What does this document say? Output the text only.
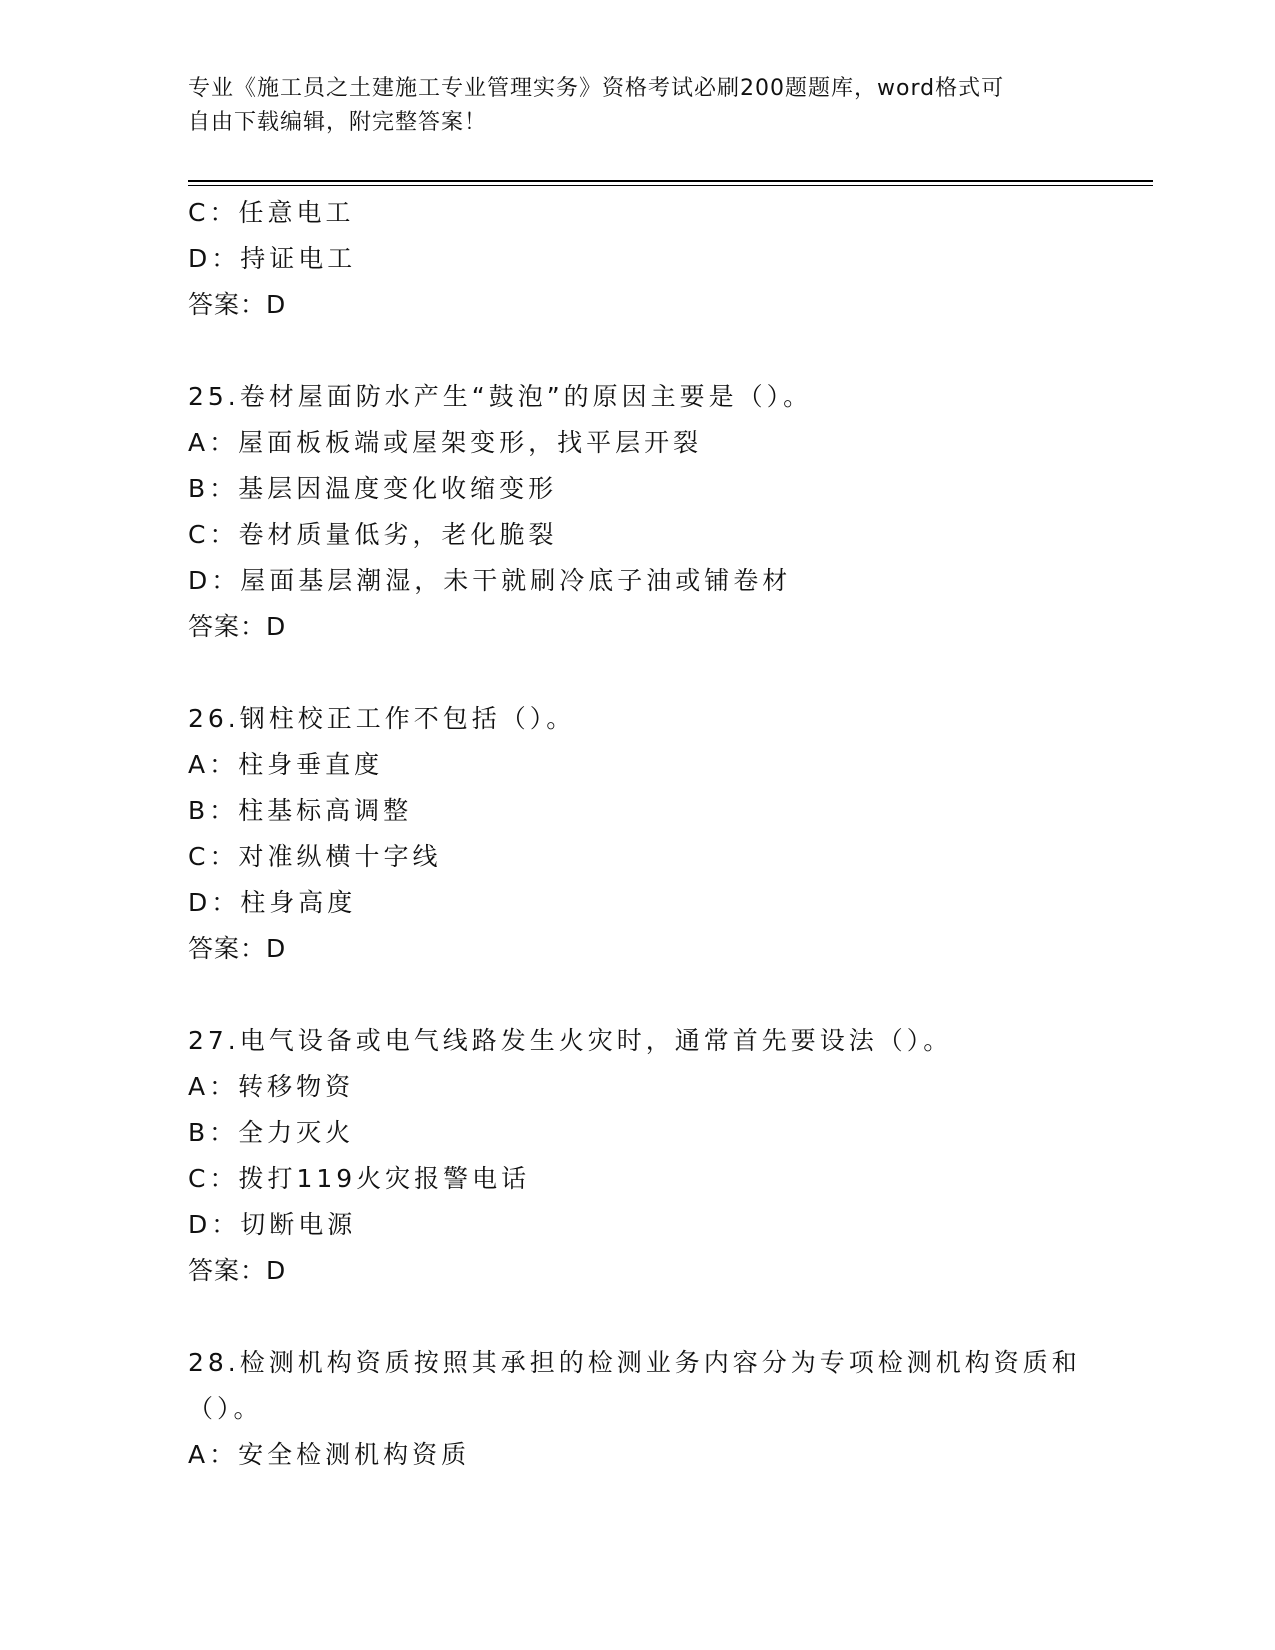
专业《施工员之土建施工专业管理实务》资格考试必刷200题题库，word格式可
自由下载编辑，附完整答案！
C：任意电工
D：持证电工
答案：D
25.卷材屋面防水产生“鼓泡”的原因主要是（）。
A：屋面板板端或屋架变形，找平层开裂
B：基层因温度变化收缩变形
C：卷材质量低劣，老化脆裂
D：屋面基层潮湿，未干就刷冷底子油或铺卷材
答案：D
26.钢柱校正工作不包括（）。
A：柱身垂直度
B：柱基标高调整
C：对准纵横十字线
D：柱身高度
答案：D
27.电气设备或电气线路发生火灾时，通常首先要设法（）。
A：转移物资
B：全力灭火
C：拨打119火灾报警电话
D：切断电源
答案：D
28.检测机构资质按照其承担的检测业务内容分为专项检测机构资质和
（）。
A：安全检测机构资质
